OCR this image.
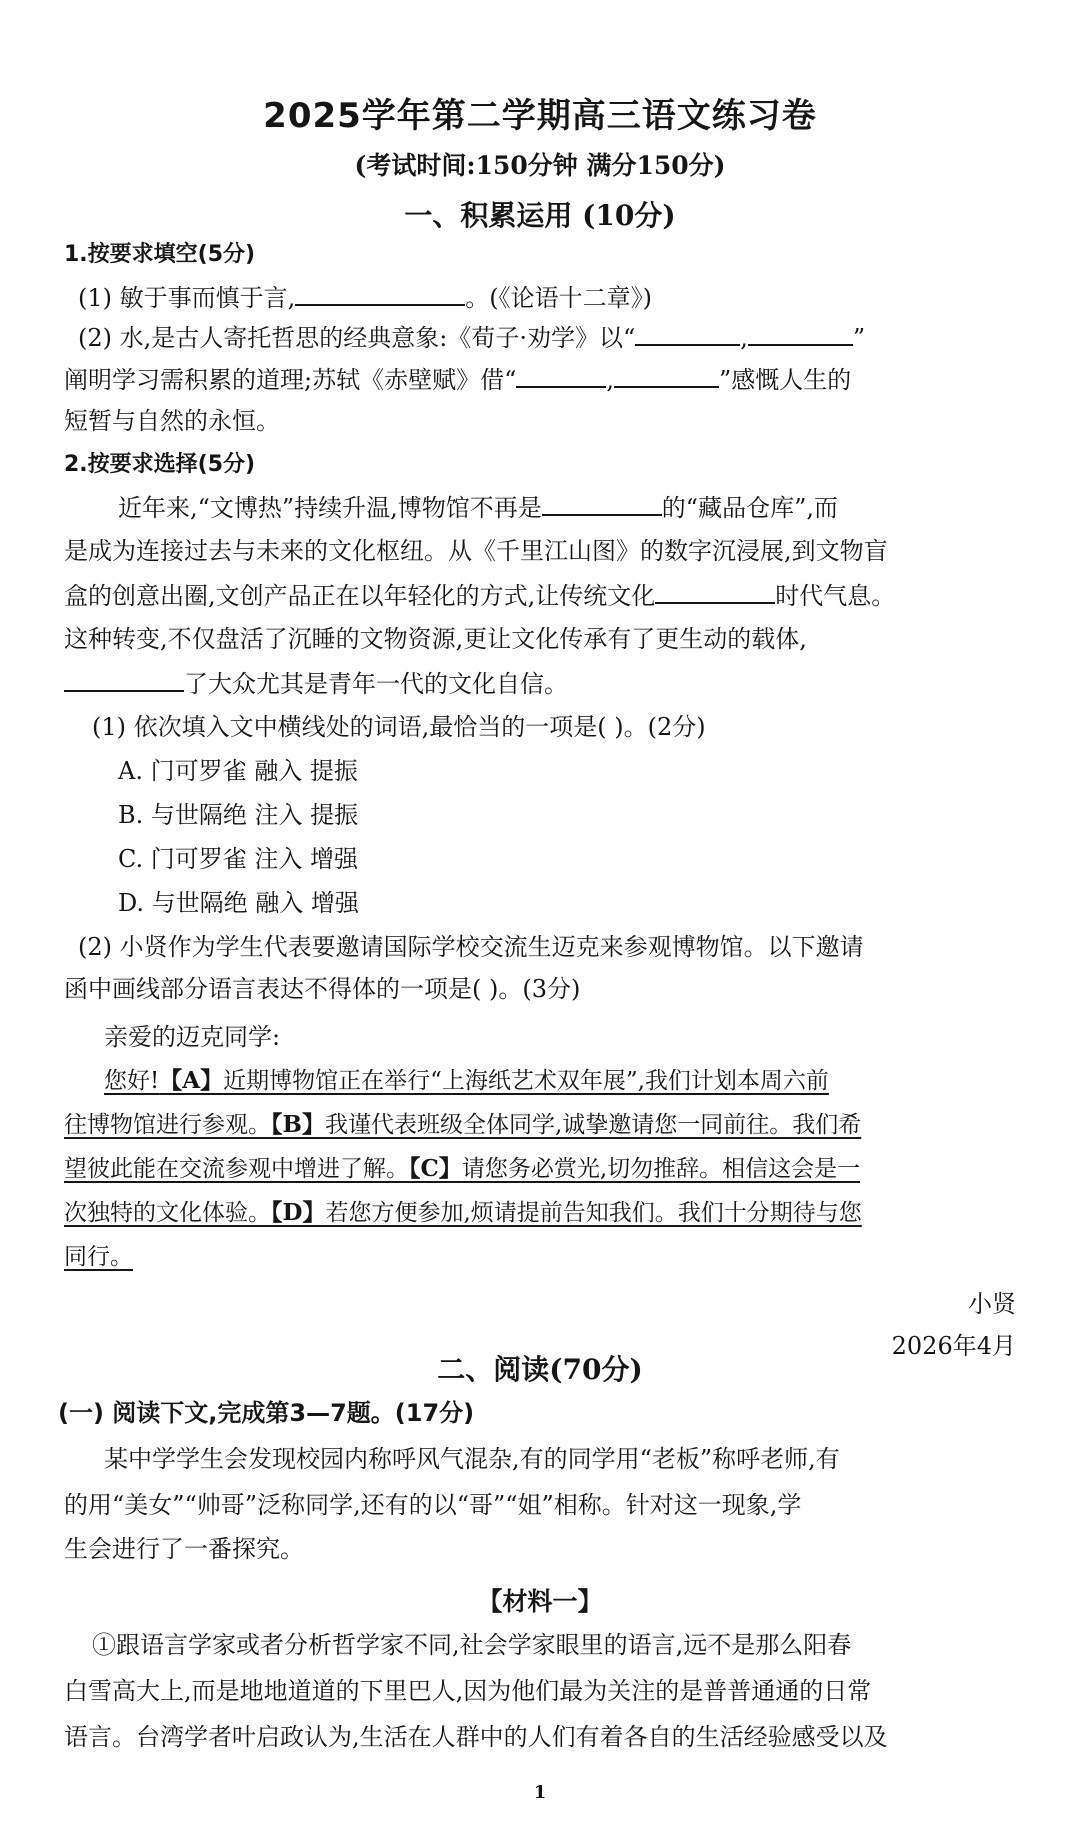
2025学年第二学期高三语文练习卷
(考试时间:150分钟 满分150分)
一、积累运用 (10分)
1.按要求填空(5分)
(1) 敏于事而慎于言,	。(《论语十二章》)
(2) 水,是古人寄托哲思的经典意象:《荀子·劝学》以“	,	”
阐明学习需积累的道理;苏轼《赤壁赋》借“	,	”感慨人生的
短暂与自然的永恒。
2.按要求选择(5分)
近年来,“文博热”持续升温,博物馆不再是	的“藏品仓库”,而
是成为连接过去与未来的文化枢纽。从《千里江山图》的数字沉浸展,到文物盲
盒的创意出圈,文创产品正在以年轻化的方式,让传统文化	时代气息。
这种转变,不仅盘活了沉睡的文物资源,更让文化传承有了更生动的载体,
了大众尤其是青年一代的文化自信。
(1) 依次填入文中横线处的词语,最恰当的一项是( )。(2分)
A. 门可罗雀 融入 提振
B. 与世隔绝 注入 提振
C. 门可罗雀 注入 增强
D. 与世隔绝 融入 增强
(2) 小贤作为学生代表要邀请国际学校交流生迈克来参观博物馆。以下邀请
函中画线部分语言表达不得体的一项是( )。(3分)
亲爱的迈克同学:
您好!【A】近期博物馆正在举行“上海纸艺术双年展”,我们计划本周六前
往博物馆进行参观。【B】我谨代表班级全体同学,诚挚邀请您一同前往。我们希
望彼此能在交流参观中增进了解。【C】请您务必赏光,切勿推辞。相信这会是一
次独特的文化体验。【D】若您方便参加,烦请提前告知我们。我们十分期待与您
同行。
小贤
2026年4月
二、阅读(70分)
(一) 阅读下文,完成第3—7题。(17分)
某中学学生会发现校园内称呼风气混杂,有的同学用“老板”称呼老师,有
的用“美女”“帅哥”泛称同学,还有的以“哥”“姐”相称。针对这一现象,学
生会进行了一番探究。
【材料一】
①跟语言学家或者分析哲学家不同,社会学家眼里的语言,远不是那么阳春
白雪高大上,而是地地道道的下里巴人,因为他们最为关注的是普普通通的日常
语言。台湾学者叶启政认为,生活在人群中的人们有着各自的生活经验感受以及
1
